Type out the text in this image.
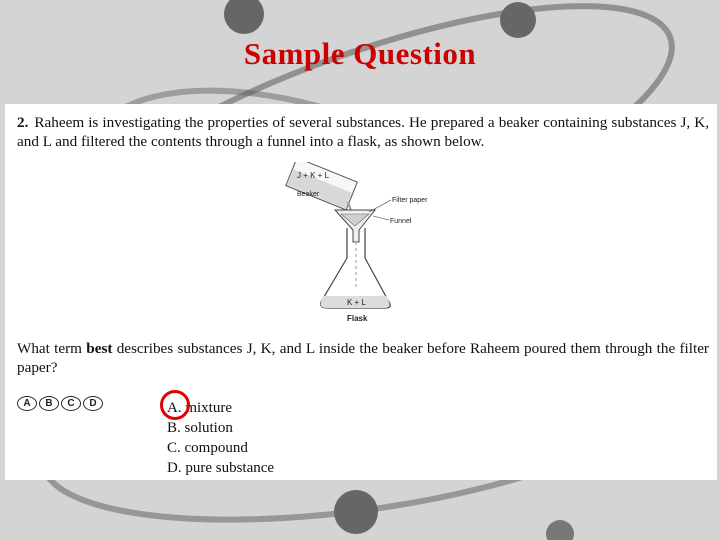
Sample Question
2. Raheem is investigating the properties of several substances. He prepared a beaker containing substances J, K, and L and filtered the contents through a funnel into a flask, as shown below.
J + K + L
Beaker
Filter paper
Funnel
K + L
Flask
What term best describes substances J, K, and L inside the beaker before Raheem poured them through the filter paper?
A	B	C	D	A. mixture
B. solution
C. compound
D. pure substance
